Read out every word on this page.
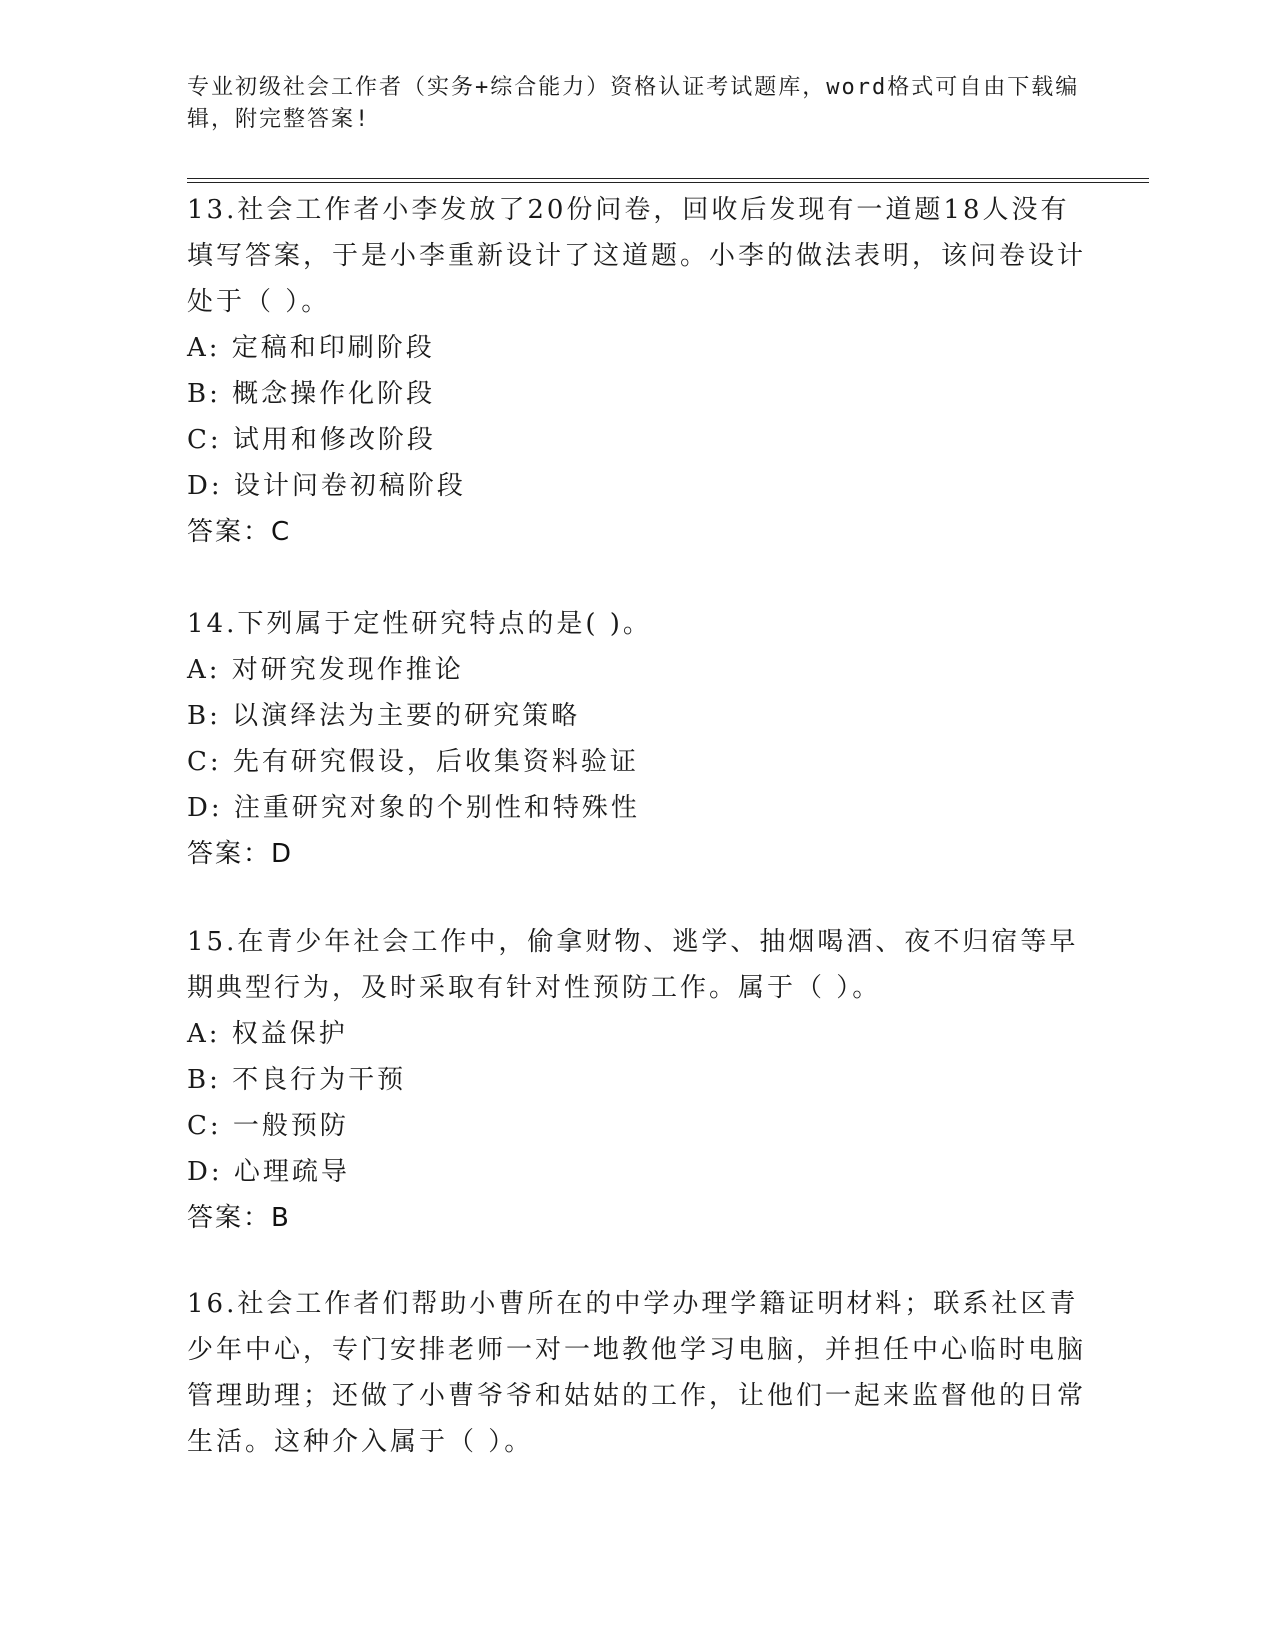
专业初级社会工作者（实务+综合能力）资格认证考试题库，word格式可自由下载编辑，附完整答案!

13.社会工作者小李发放了20份问卷，回收后发现有一道题18人没有填写答案，于是小李重新设计了这道题。小李的做法表明，该问卷设计处于（ ）。

A: 定稿和印刷阶段

B: 概念操作化阶段

C: 试用和修改阶段

D: 设计问卷初稿阶段

答案：C

14.下列属于定性研究特点的是( )。

A: 对研究发现作推论

B: 以演绎法为主要的研究策略

C: 先有研究假设，后收集资料验证

D: 注重研究对象的个别性和特殊性

答案：D

15.在青少年社会工作中，偷拿财物、逃学、抽烟喝酒、夜不归宿等早期典型行为，及时采取有针对性预防工作。属于（ ）。

A: 权益保护

B: 不良行为干预

C: 一般预防

D: 心理疏导

答案：B

16.社会工作者们帮助小曹所在的中学办理学籍证明材料；联系社区青少年中心，专门安排老师一对一地教他学习电脑，并担任中心临时电脑管理助理；还做了小曹爷爷和姑姑的工作，让他们一起来监督他的日常生活。这种介入属于（ ）。
